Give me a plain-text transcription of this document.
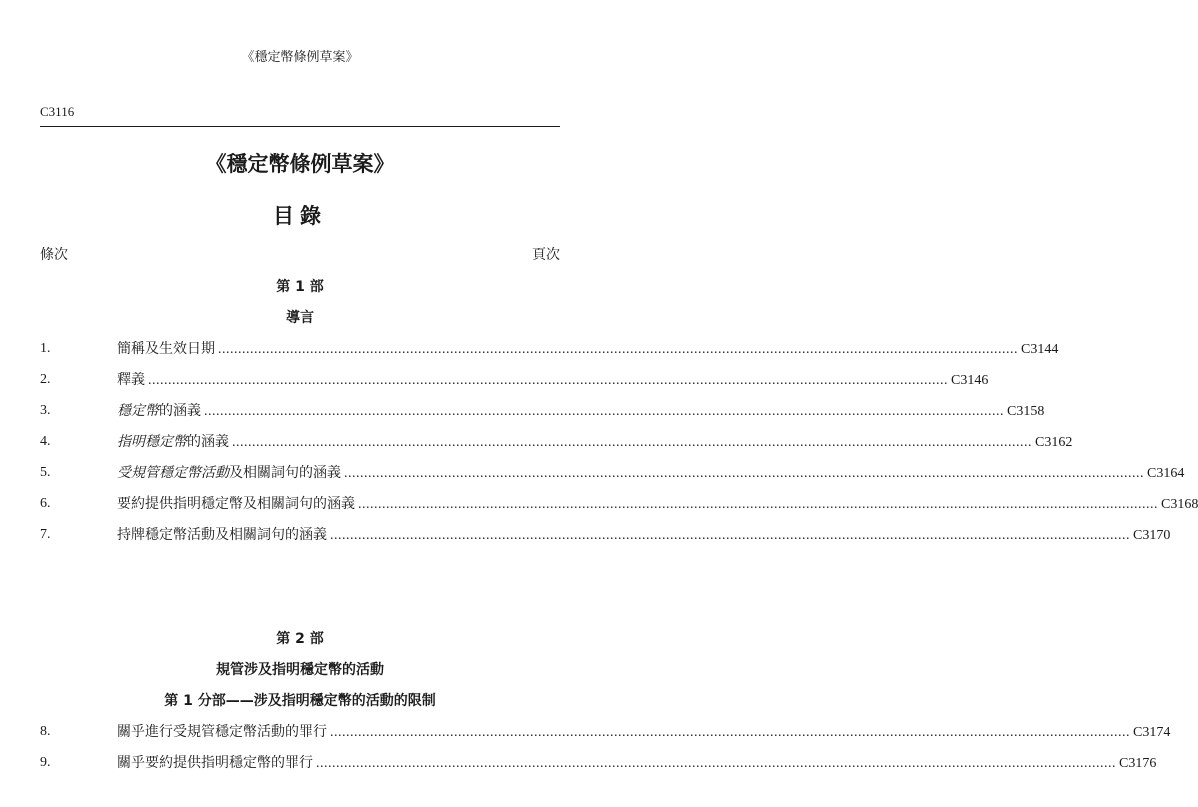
《穩定幣條例草案》
C3116
《穩定幣條例草案》
目錄
條次	頁次
第 1 部
導言
1.	簡稱及生效日期 ........................................................................................................................................................................................................ C3144
2.	釋義 ........................................................................................................................................................................................................ C3146
3.	穩定幣 的涵義 ........................................................................................................................................................................................................ C3158
4.	指明穩定幣 的涵義 ........................................................................................................................................................................................................ C3162
5.	受規管穩定幣活動 及相關詞句的涵義 ........................................................................................................................................................................................................ C3164
6.	要約提供指明穩定幣及相關詞句的涵義 ........................................................................................................................................................................................................ C3168
7.	持牌穩定幣活動及相關詞句的涵義 ........................................................................................................................................................................................................ C3170
第 2 部
規管涉及指明穩定幣的活動
第 1 分部——涉及指明穩定幣的活動的限制
8.	關乎進行受規管穩定幣活動的罪行 ........................................................................................................................................................................................................ C3174
9.	關乎要約提供指明穩定幣的罪行 ........................................................................................................................................................................................................ C3176
